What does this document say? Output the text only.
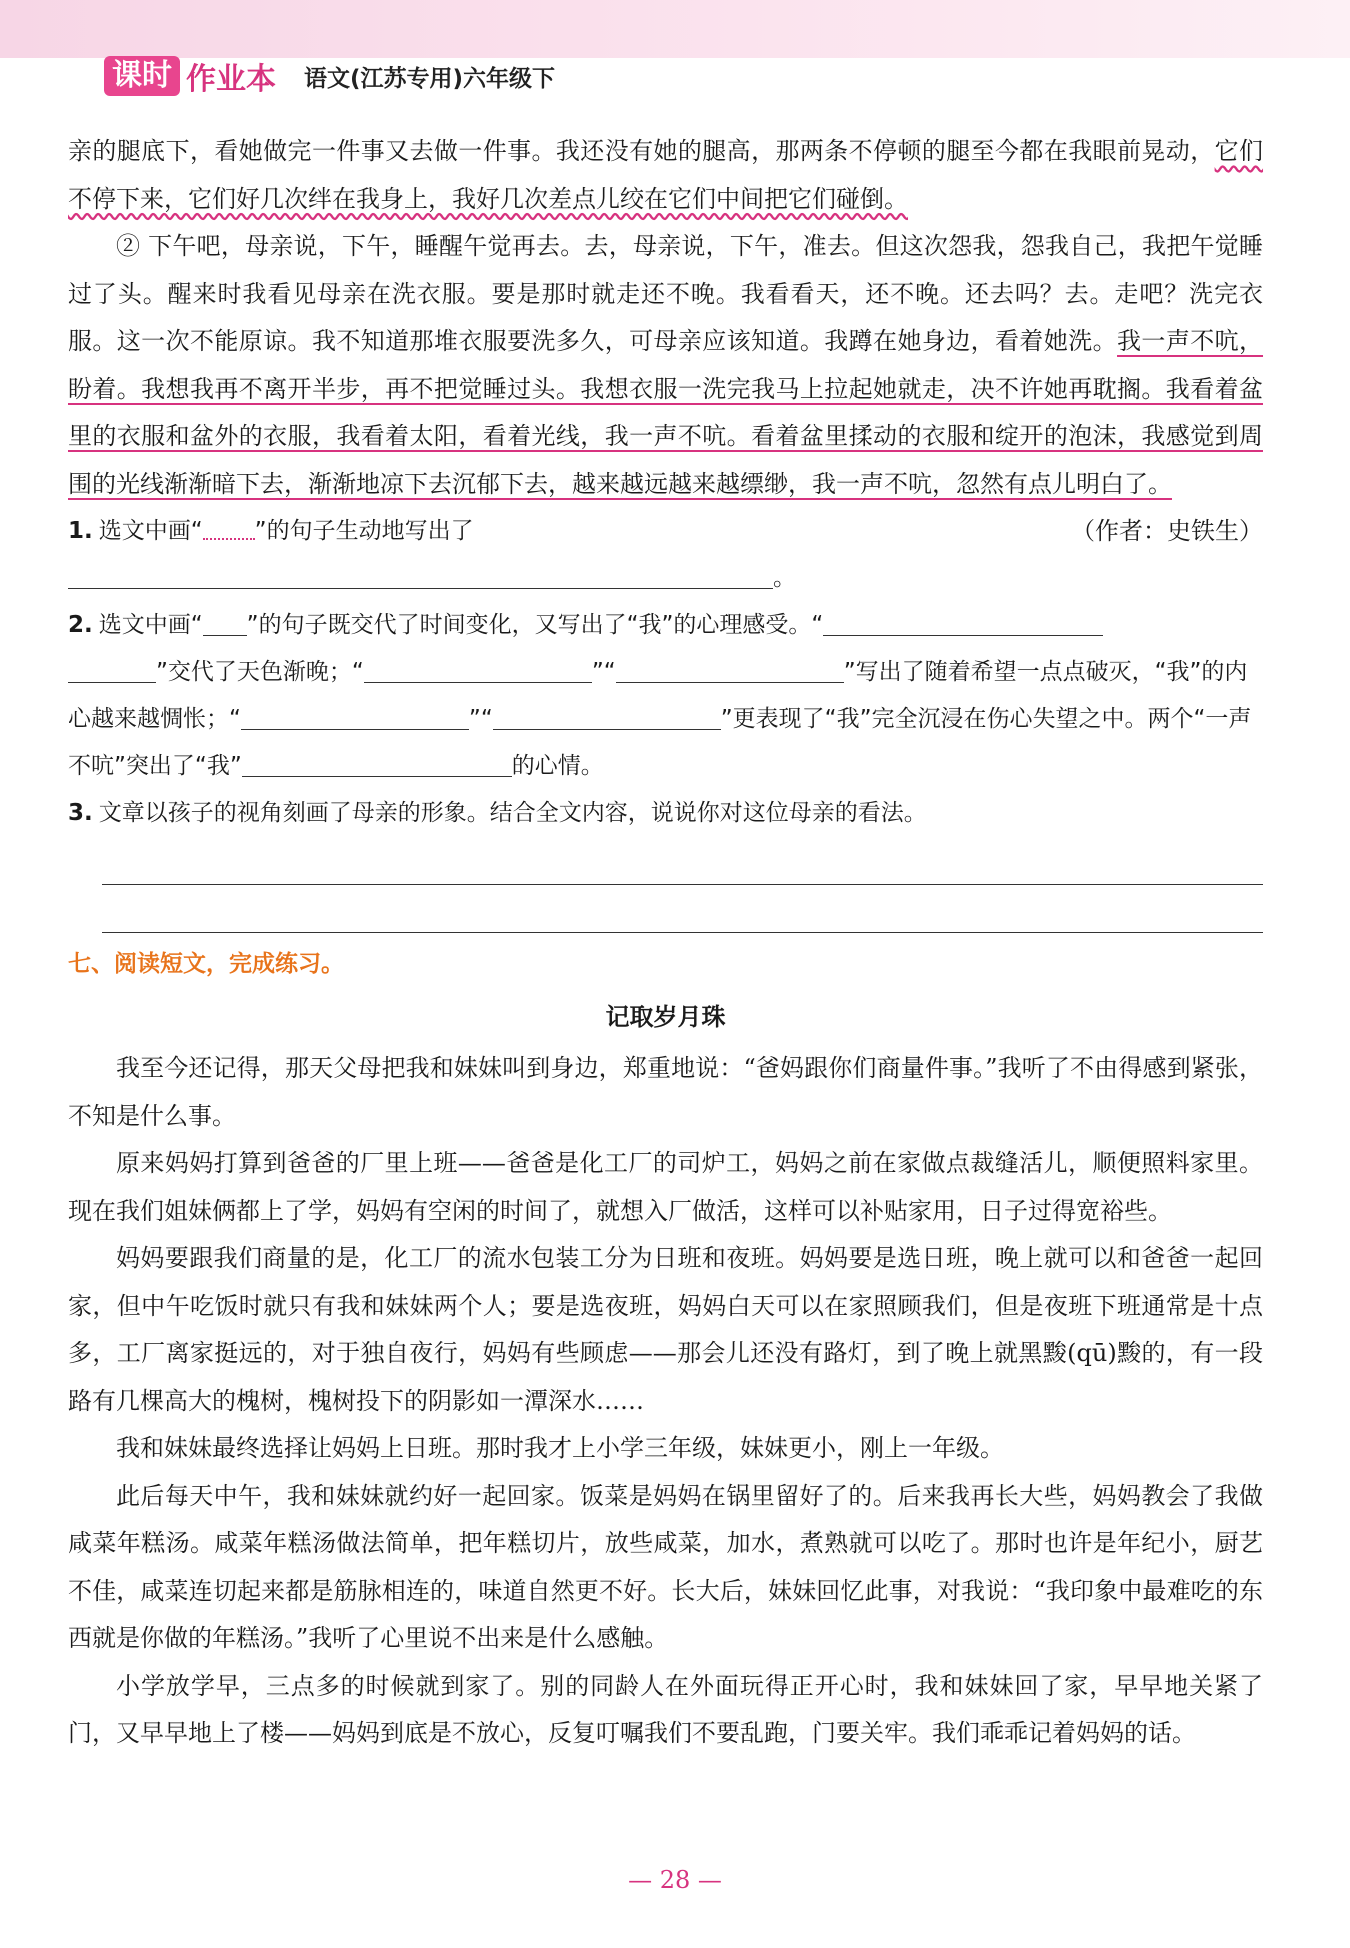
课时 作业本 语文(江苏专用)六年级下

亲的腿底下，看她做完一件事又去做一件事。我还没有她的腿高，那两条不停顿的腿至今都在我眼前晃动，它们不停下来，它们好几次绊在我身上，我好几次差点儿绞在它们中间把它们碰倒。

② 下午吧，母亲说，下午，睡醒午觉再去。去，母亲说，下午，准去。但这次怨我，怨我自己，我把午觉睡过了头。醒来时我看见母亲在洗衣服。要是那时就走还不晚。我看看天，还不晚。还去吗？去。走吧？洗完衣服。这一次不能原谅。我不知道那堆衣服要洗多久，可母亲应该知道。我蹲在她身边，看着她洗。我一声不吭，盼着。我想我再不离开半步，再不把觉睡过头。我想衣服一洗完我马上拉起她就走，决不许她再耽搁。我看着盆里的衣服和盆外的衣服，我看着太阳，看着光线，我一声不吭。看着盆里揉动的衣服和绽开的泡沫，我感觉到周围的光线渐渐暗下去，渐渐地凉下去沉郁下去，越来越远越来越缥缈，我一声不吭，忽然有点儿明白了。
（作者：史铁生）

1. 选文中画“ ”的句子生动地写出了。
2. 选文中画“ ”的句子既交代了时间变化，又写出了“我”的心理感受。“
”交代了天色渐晚；“	”“	”写出了随着希望一点点破灭，“我”的内心越来越惆怅；“	”“	”更表现了“我”完全沉浸在伤心失望之中。两个“一声不吭”突出了“我”	的心情。
3. 文章以孩子的视角刻画了母亲的形象。结合全文内容，说说你对这位母亲的看法。
七、阅读短文，完成练习。
记取岁月珠

我至今还记得，那天父母把我和妹妹叫到身边，郑重地说：“爸妈跟你们商量件事。”我听了不由得感到紧张，不知是什么事。

原来妈妈打算到爸爸的厂里上班——爸爸是化工厂的司炉工，妈妈之前在家做点裁缝活儿，顺便照料家里。现在我们姐妹俩都上了学，妈妈有空闲的时间了，就想入厂做活，这样可以补贴家用，日子过得宽裕些。

妈妈要跟我们商量的是，化工厂的流水包装工分为日班和夜班。妈妈要是选日班，晚上就可以和爸爸一起回家，但中午吃饭时就只有我和妹妹两个人；要是选夜班，妈妈白天可以在家照顾我们，但是夜班下班通常是十点多，工厂离家挺远的，对于独自夜行，妈妈有些顾虑——那会儿还没有路灯，到了晚上就黑黢(qū)黢的，有一段路有几棵高大的槐树，槐树投下的阴影如一潭深水……

我和妹妹最终选择让妈妈上日班。那时我才上小学三年级，妹妹更小，刚上一年级。

此后每天中午，我和妹妹就约好一起回家。饭菜是妈妈在锅里留好了的。后来我再长大些，妈妈教会了我做咸菜年糕汤。咸菜年糕汤做法简单，把年糕切片，放些咸菜，加水，煮熟就可以吃了。那时也许是年纪小，厨艺不佳，咸菜连切起来都是筋脉相连的，味道自然更不好。长大后，妹妹回忆此事，对我说：“我印象中最难吃的东西就是你做的年糕汤。”我听了心里说不出来是什么感触。

小学放学早，三点多的时候就到家了。别的同龄人在外面玩得正开心时，我和妹妹回了家，早早地关紧了门，又早早地上了楼——妈妈到底是不放心，反复叮嘱我们不要乱跑，门要关牢。我们乖乖记着妈妈的话。

— 28 —
